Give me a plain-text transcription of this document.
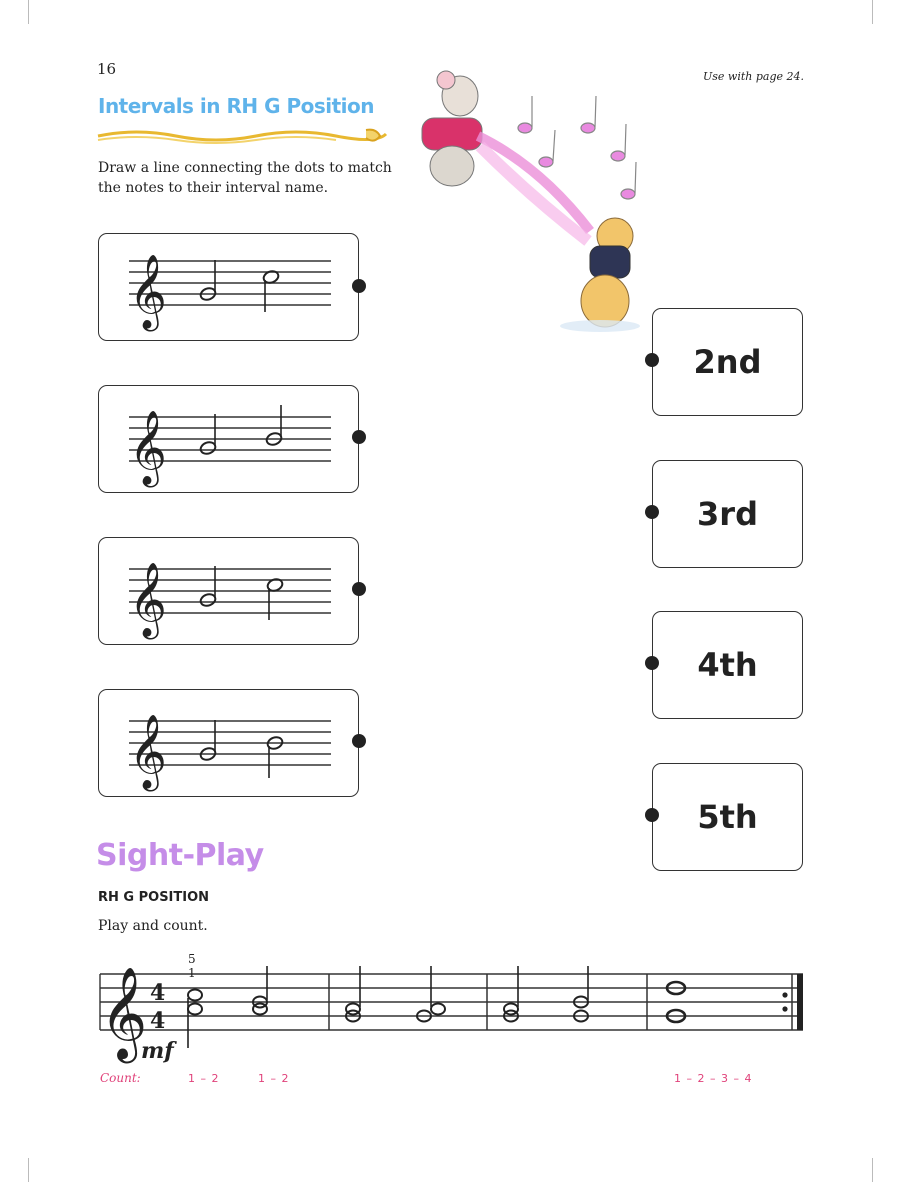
16	Use with page 24.
Intervals in RH G Position
Draw a line connecting the dots to match the notes to their interval name.
𝄞
𝄞
𝄞
𝄞
2nd
3rd
4th
5th
Sight-Play
RH G POSITION
Play and count.
𝄞 4
4
5
1
mf
Count:	1 – 2	1 – 2	1 – 2 – 3 – 4
